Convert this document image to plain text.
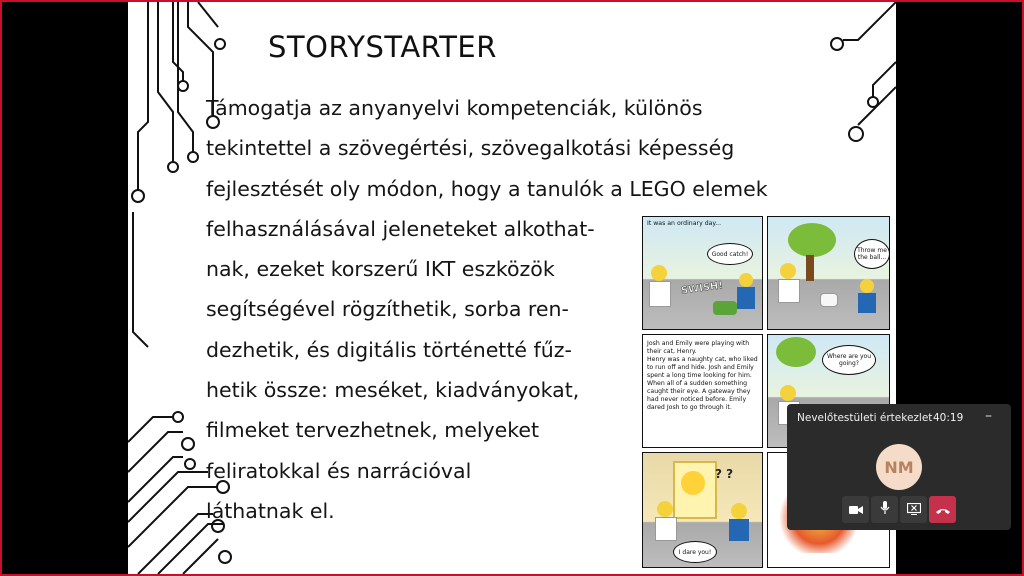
STORYSTARTER
Támogatja az anyanyelvi kompetenciák, különös
tekintettel a szövegértési, szövegalkotási képesség
fejlesztését oly módon, hogy a tanulók a LEGO elemek
felhasználásával jeleneteket alkothat-
nak, ezeket korszerű IKT eszközök
segítségével rögzíthetik, sorba ren-
dezhetik, és digitális történetté fűz-
hetik össze: meséket, kiadványokat,
filmeket tervezhetnek, melyeket
feliratokkal és narrációval
láthatnak el.
It was an ordinary day...
Good catch!
SWISH!
Throw me
the ball...
Josh and Emily were playing with
their cat, Henry.
Henry was a naughty cat, who liked
to run off and hide. Josh and Emily
spent a long time looking for him.
When all of a sudden something
caught their eye. A gateway they
had never noticed before. Emily
dared Josh to go through it.
Where are you
going?
? ?
I dare you!
Nevelőtestületi értekezlet 40:19 –
NM
